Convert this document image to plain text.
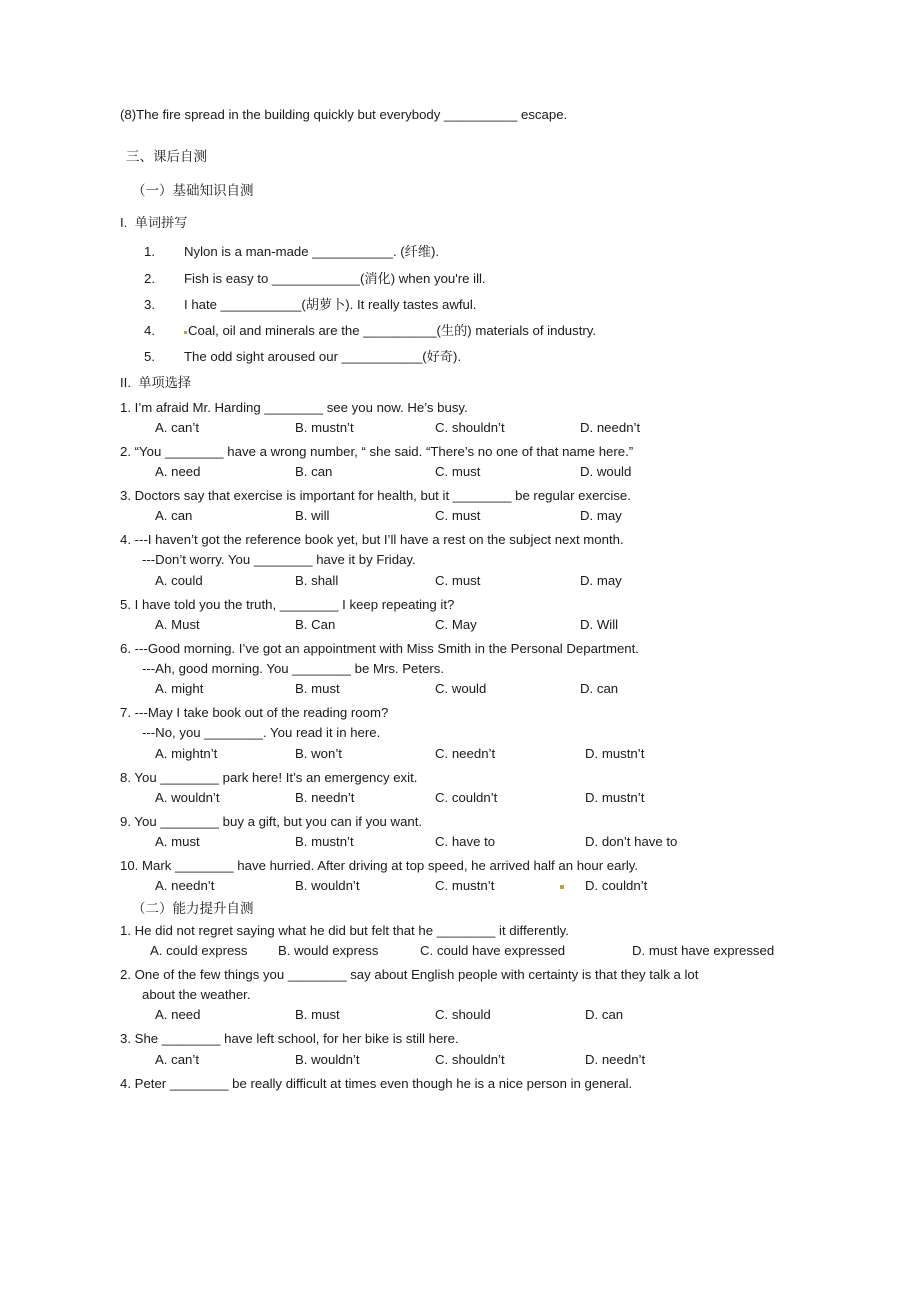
(8)The fire spread in the building quickly but everybody __________ escape.
三、课后自测
（一）基础知识自测
I.  单词拼写
1.	Nylon is a man-made ___________. (纤维).
2.	Fish is easy to ____________(消化) when you're ill.
3.	I hate ___________(胡萝卜). It really tastes awful.
4.	Coal, oil and minerals are the __________(生的) materials of industry.
5.	The odd sight aroused our ___________(好奇).
II.  单项选择
1. I’m afraid Mr. Harding ________ see you now. He’s busy.
A. can’t	B. mustn’t	C. shouldn’t	D. needn’t
2. “You ________ have a wrong number, “ she said. “There’s no one of that name here.”
A. need	B. can	C. must	D. would
3. Doctors say that exercise is important for health, but it ________ be regular exercise.
A. can	B. will	C. must	D. may
4. ---I haven’t got the reference book yet, but I’ll have a rest on the subject next month.
---Don’t worry. You ________ have it by Friday.
A. could	B. shall	C. must	D. may
5. I have told you the truth, ________ I keep repeating it?
A. Must	B. Can	C. May	D. Will
6. ---Good morning. I’ve got an appointment with Miss Smith in the Personal Department.
---Ah, good morning. You ________ be Mrs. Peters.
A. might	B. must	C. would	D. can
7. ---May I take book out of the reading room?
---No, you ________. You read it in here.
A. mightn’t	B. won’t	C. needn’t	D. mustn’t
8. You ________ park here! It’s an emergency exit.
A. wouldn’t	B. needn’t	C. couldn’t	D. mustn’t
9. You ________ buy a gift, but you can if you want.
A. must	B. mustn’t	C. have to	D. don’t have to
10. Mark ________ have hurried. After driving at top speed, he arrived half an hour early.
A. needn’t	B. wouldn’t	C. mustn’t	D. couldn’t
（二）能力提升自测
1. He did not regret saying what he did but felt that he ________ it differently.
A. could express B. would express	C. could have expressed	D. must have expressed
2. One of the few things you ________ say about English people with certainty is that they talk a lot
about the weather.
A. need	B. must	C. should	D. can
3. She ________ have left school, for her bike is still here.
A. can’t	B. wouldn’t	C. shouldn’t	D. needn’t
4. Peter ________ be really difficult at times even though he is a nice person in general.
